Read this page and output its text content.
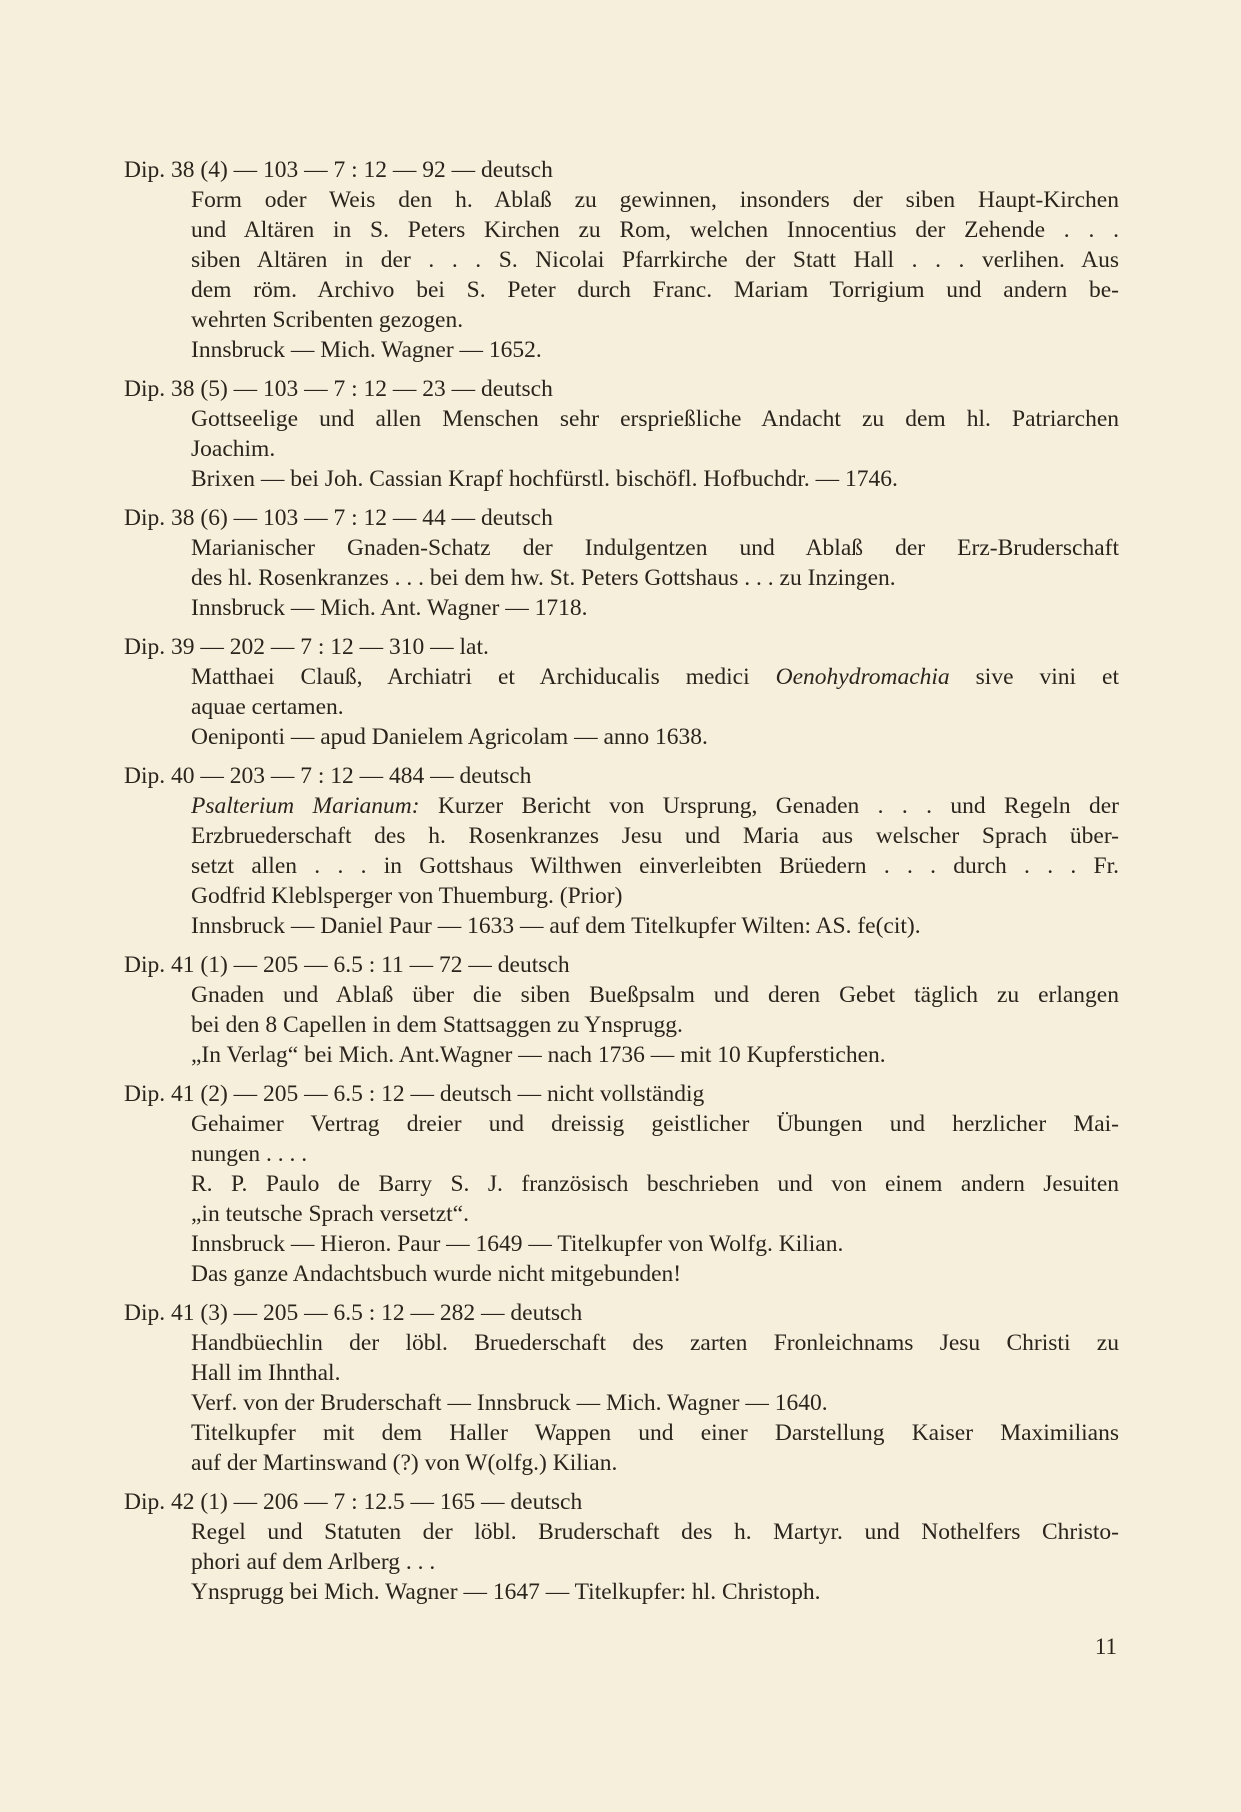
Dip. 38 (4) — 103 — 7 : 12 — 92 — deutsch
Form oder Weis den h. Ablaß zu gewinnen, insonders der siben Haupt-Kirchen
und Altären in S. Peters Kirchen zu Rom, welchen Innocentius der Zehende . . .
siben Altären in der . . . S. Nicolai Pfarrkirche der Statt Hall . . . verlihen. Aus
dem röm. Archivo bei S. Peter durch Franc. Mariam Torrigium und andern be-
wehrten Scribenten gezogen.
Innsbruck — Mich. Wagner — 1652.
Dip. 38 (5) — 103 — 7 : 12 — 23 — deutsch
Gottseelige und allen Menschen sehr ersprießliche Andacht zu dem hl. Patriarchen
Joachim.
Brixen — bei Joh. Cassian Krapf hochfürstl. bischöfl. Hofbuchdr. — 1746.
Dip. 38 (6) — 103 — 7 : 12 — 44 — deutsch
Marianischer Gnaden-Schatz der Indulgentzen und Ablaß der Erz-Bruderschaft
des hl. Rosenkranzes . . . bei dem hw. St. Peters Gottshaus . . . zu Inzingen.
Innsbruck — Mich. Ant. Wagner — 1718.
Dip. 39 — 202 — 7 : 12 — 310 — lat.
Matthaei Clauß, Archiatri et Archiducalis medici Oenohydromachia sive vini et
aquae certamen.
Oeniponti — apud Danielem Agricolam — anno 1638.
Dip. 40 — 203 — 7 : 12 — 484 — deutsch
Psalterium Marianum: Kurzer Bericht von Ursprung, Genaden . . . und Regeln der
Erzbruederschaft des h. Rosenkranzes Jesu und Maria aus welscher Sprach über-
setzt allen . . . in Gottshaus Wilthwen einverleibten Brüedern . . . durch . . . Fr.
Godfrid Kleblsperger von Thuemburg. (Prior)
Innsbruck — Daniel Paur — 1633 — auf dem Titelkupfer Wilten: AS. fe(cit).
Dip. 41 (1) — 205 — 6.5 : 11 — 72 — deutsch
Gnaden und Ablaß über die siben Bueßpsalm und deren Gebet täglich zu erlangen
bei den 8 Capellen in dem Stattsaggen zu Ynsprugg.
„In Verlag“ bei Mich. Ant.Wagner — nach 1736 — mit 10 Kupferstichen.
Dip. 41 (2) — 205 — 6.5 : 12 — deutsch — nicht vollständig
Gehaimer Vertrag dreier und dreissig geistlicher Übungen und herzlicher Mai-
nungen . . . .
R. P. Paulo de Barry S. J. französisch beschrieben und von einem andern Jesuiten
„in teutsche Sprach versetzt“.
Innsbruck — Hieron. Paur — 1649 — Titelkupfer von Wolfg. Kilian.
Das ganze Andachtsbuch wurde nicht mitgebunden!
Dip. 41 (3) — 205 — 6.5 : 12 — 282 — deutsch
Handbüechlin der löbl. Bruederschaft des zarten Fronleichnams Jesu Christi zu
Hall im Ihnthal.
Verf. von der Bruderschaft — Innsbruck — Mich. Wagner — 1640.
Titelkupfer mit dem Haller Wappen und einer Darstellung Kaiser Maximilians
auf der Martinswand (?) von W(olfg.) Kilian.
Dip. 42 (1) — 206 — 7 : 12.5 — 165 — deutsch
Regel und Statuten der löbl. Bruderschaft des h. Martyr. und Nothelfers Christo-
phori auf dem Arlberg . . .
Ynsprugg bei Mich. Wagner — 1647 — Titelkupfer: hl. Christoph.
11
